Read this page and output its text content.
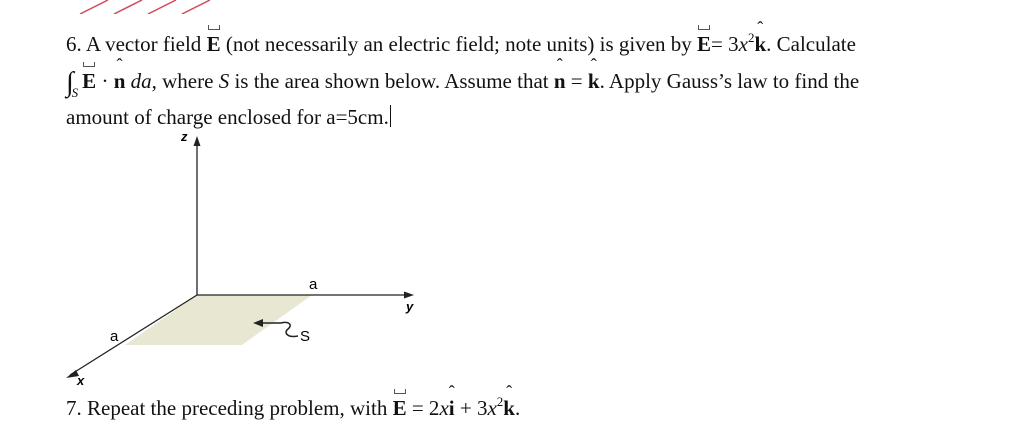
6. A vector field E (not necessarily an electric field; note units) is given by $E= 3x^2ˆ$ k. Calculate
$\int_S$ E · ˆ n da, where S is the area shown below. Assume that ˆ n = ˆ k. Apply Gauss’s law to find the
amount of charge enclosed for a=5cm.
z
y
x
a
a	S
7. Repeat the preceding problem, with E = 2xˆ $i + 3x^2ˆ$ k.
